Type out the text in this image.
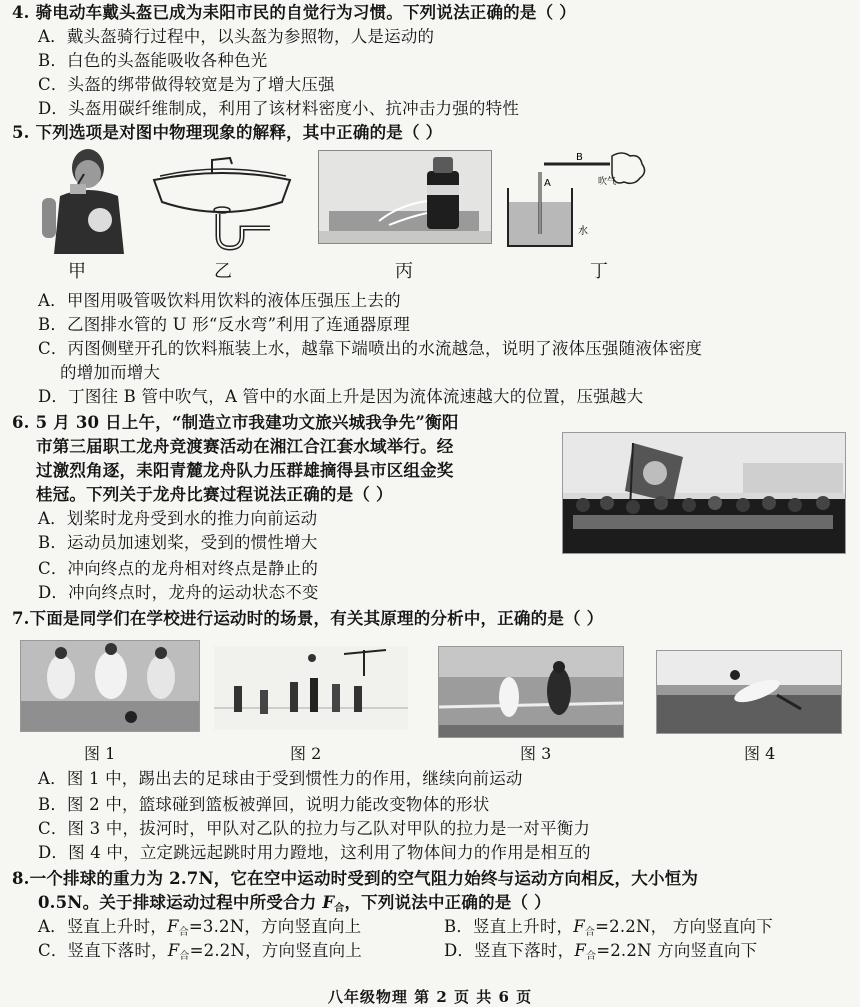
4. 骑电动车戴头盔已成为耒阳市民的自觉行为习惯。下列说法正确的是（ ）
A．戴头盔骑行过程中，以头盔为参照物，人是运动的
B．白色的头盔能吸收各种色光
C．头盔的绑带做得较宽是为了增大压强
D．头盔用碳纤维制成，利用了该材料密度小、抗冲击力强的特性
5. 下列选项是对图中物理现象的解释，其中正确的是（ ）
A
B
水
吹气
甲	乙	丙	丁
A．甲图用吸管吸饮料用饮料的液体压强压上去的
B．乙图排水管的 U 形“反水弯”利用了连通器原理
C．丙图侧壁开孔的饮料瓶装上水，越靠下端喷出的水流越急，说明了液体压强随液体密度
的增加而增大
D．丁图往 B 管中吹气，A 管中的水面上升是因为流体流速越大的位置，压强越大
6. 5 月 30 日上午，“制造立市我建功文旅兴城我争先”衡阳
市第三届职工龙舟竞渡赛活动在湘江合江套水域举行。经
过激烈角逐，耒阳青麓龙舟队力压群雄摘得县市区组金奖
桂冠。下列关于龙舟比赛过程说法正确的是（ ）
A．划桨时龙舟受到水的推力向前运动
B．运动员加速划桨，受到的惯性增大
C．冲向终点的龙舟相对终点是静止的
D．冲向终点时，龙舟的运动状态不变
7.下面是同学们在学校进行运动时的场景，有关其原理的分析中，正确的是（ ）
图 1	图 2	图 3	图 4
A．图 1 中，踢出去的足球由于受到惯性力的作用，继续向前运动
B．图 2 中，篮球碰到篮板被弹回，说明力能改变物体的形状
C．图 3 中，拔河时，甲队对乙队的拉力与乙队对甲队的拉力是一对平衡力
D．图 4 中，立定跳远起跳时用力蹬地，这利用了物体间力的作用是相互的
8.一个排球的重力为 2.7N，它在空中运动时受到的空气阻力始终与运动方向相反，大小恒为
0.5N。关于排球运动过程中所受合力 $F_合$，下列说法中正确的是（ ）
A．竖直上升时，$F_合=3.2N$，方向竖直向上	B．竖直上升时，$F_合=2.2N$， 方向竖直向下
C．竖直下落时，$F_合=2.2N$，方向竖直向上	D．竖直下落时，$F_合=2.2N$ 方向竖直向下
八年级物理 第 2 页 共 6 页
